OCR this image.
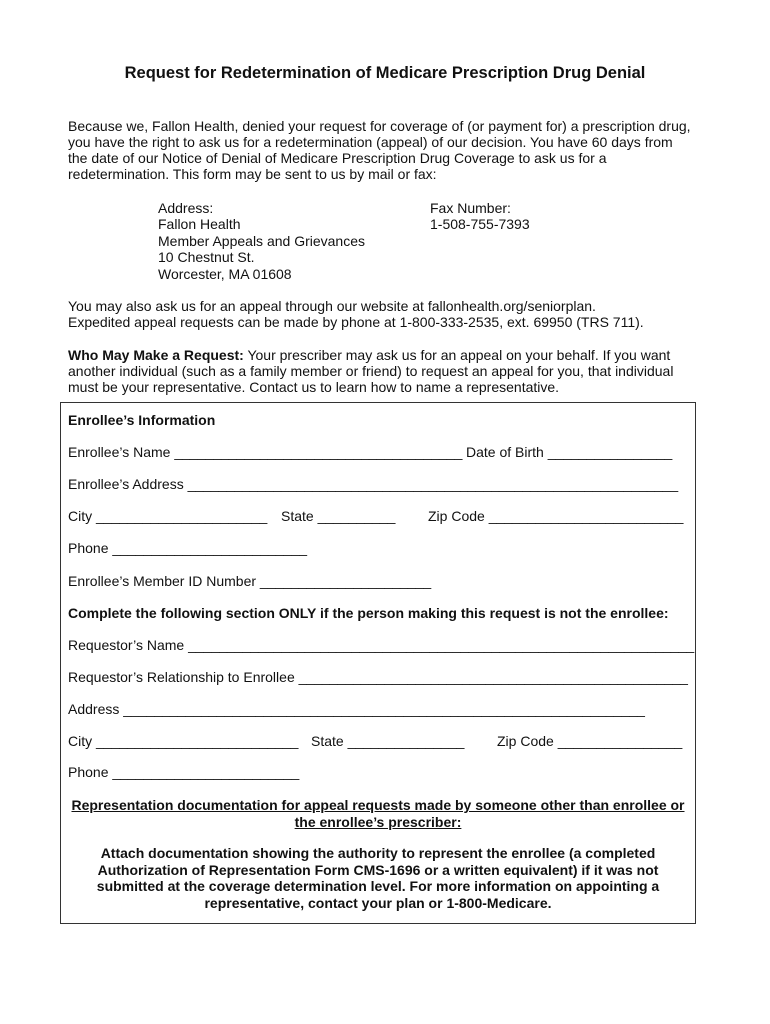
Request for Redetermination of Medicare Prescription Drug Denial
Because we, Fallon Health, denied your request for coverage of (or payment for) a prescription drug,
you have the right to ask us for a redetermination (appeal) of our decision. You have 60 days from
the date of our Notice of Denial of Medicare Prescription Drug Coverage to ask us for a
redetermination. This form may be sent to us by mail or fax:
Address:
Fallon Health
Member Appeals and Grievances
10 Chestnut St.
Worcester, MA 01608
Fax Number:
1-508-755-7393
You may also ask us for an appeal through our website at fallonhealth.org/seniorplan.
Expedited appeal requests can be made by phone at 1-800-333-2535, ext. 69950 (TRS 711).
Who May Make a Request: Your prescriber may ask us for an appeal on your behalf. If you want
another individual (such as a family member or friend) to request an appeal for you, that individual
must be your representative. Contact us to learn how to name a representative.
Enrollee’s Information
Enrollee’s Name _____________________________________ Date of Birth ________________
Enrollee’s Address _______________________________________________________________
City ______________________ State __________ Zip Code _________________________
Phone _________________________
Enrollee’s Member ID Number ______________________
Complete the following section ONLY if the person making this request is not the enrollee:
Requestor’s Name _________________________________________________________________
Requestor’s Relationship to Enrollee __________________________________________________
Address ___________________________________________________________________
City __________________________ State _______________ Zip Code ________________
Phone ________________________
Representation documentation for appeal requests made by someone other than enrollee or
the enrollee’s prescriber:
Attach documentation showing the authority to represent the enrollee (a completed
Authorization of Representation Form CMS-1696 or a written equivalent) if it was not
submitted at the coverage determination level. For more information on appointing a
representative, contact your plan or 1-800-Medicare.
